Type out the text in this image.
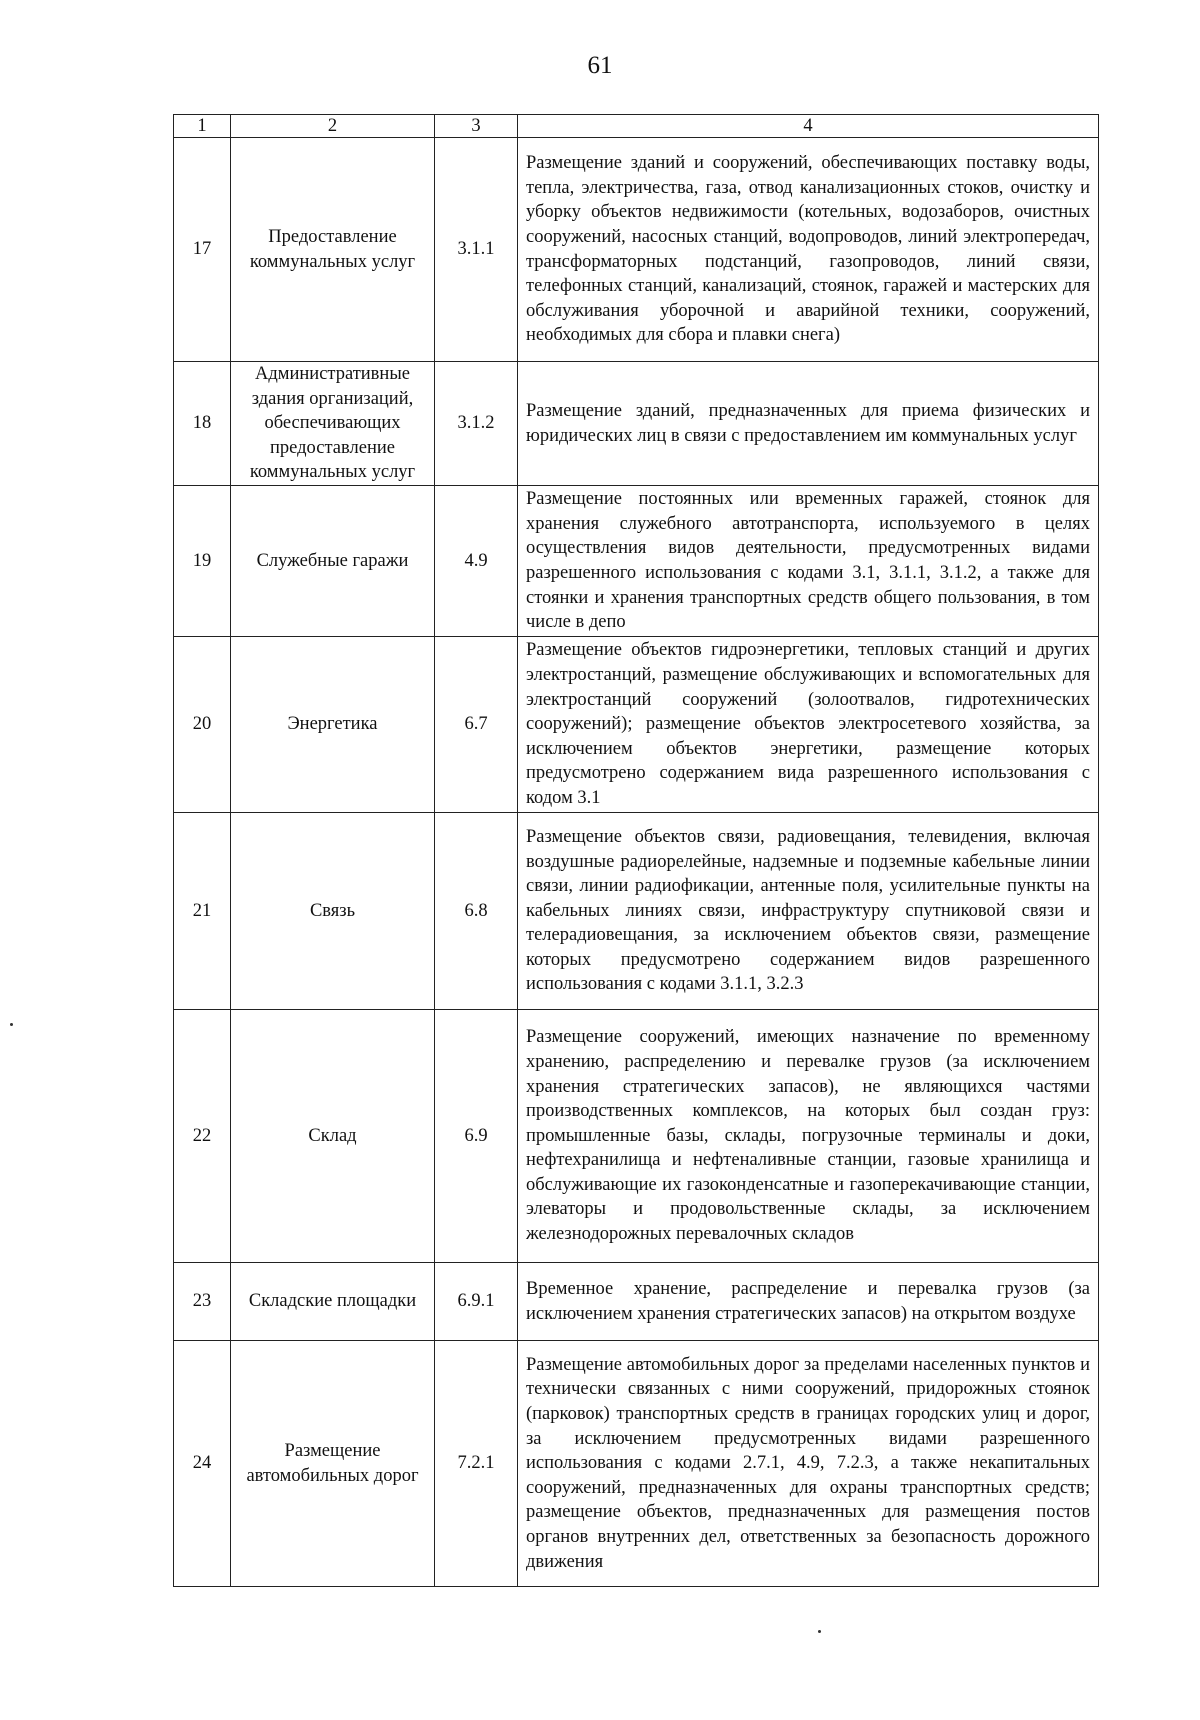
61
1	2	3	4
17	Предоставление коммунальных услуг	3.1.1	Размещение зданий и сооружений, обеспечивающих поставку воды, тепла, электричества, газа, отвод канализационных стоков, очистку и уборку объектов недвижимости (котельных, водозаборов, очистных сооружений, насосных станций, водопроводов, линий электропередач, трансформаторных подстанций, газопроводов, линий связи, телефонных станций, канализаций, стоянок, гаражей и мастерских для обслуживания уборочной и аварийной техники, сооружений, необходимых для сбора и плавки снега)
18	Административные здания организаций, обеспечивающих предоставление коммунальных услуг	3.1.2	Размещение зданий, предназначенных для приема физических и юридических лиц в связи с предоставлением им коммунальных услуг
19	Служебные гаражи	4.9	Размещение постоянных или временных гаражей, стоянок для хранения служебного автотранспорта, используемого в целях осуществления видов деятельности, предусмотренных видами разрешенного использования с кодами 3.1, 3.1.1, 3.1.2, а также для стоянки и хранения транспортных средств общего пользования, в том числе в депо
20	Энергетика	6.7	Размещение объектов гидроэнергетики, тепловых станций и других электростанций, размещение обслуживающих и вспомогательных для электростанций сооружений (золоотвалов, гидротехнических сооружений); размещение объектов электросетевого хозяйства, за исключением объектов энергетики, размещение которых предусмотрено содержанием вида разрешенного использования с кодом 3.1
21	Связь	6.8	Размещение объектов связи, радиовещания, телевидения, включая воздушные радиорелейные, надземные и подземные кабельные линии связи, линии радиофикации, антенные поля, усилительные пункты на кабельных линиях связи, инфраструктуру спутниковой связи и телерадиовещания, за исключением объектов связи, размещение которых предусмотрено содержанием видов разрешенного использования с кодами 3.1.1, 3.2.3
22	Склад	6.9	Размещение сооружений, имеющих назначение по временному хранению, распределению и перевалке грузов (за исключением хранения стратегических запасов), не являющихся частями производственных комплексов, на которых был создан груз: промышленные базы, склады, погрузочные терминалы и доки, нефтехранилища и нефтеналивные станции, газовые хранилища и обслуживающие их газоконденсатные и газоперекачивающие станции, элеваторы и продовольственные склады, за исключением железнодорожных перевалочных складов
23	Складские площадки	6.9.1	Временное хранение, распределение и перевалка грузов (за исключением хранения стратегических запасов) на открытом воздухе
24	Размещение автомобильных дорог	7.2.1	Размещение автомобильных дорог за пределами населенных пунктов и технически связанных с ними сооружений, придорожных стоянок (парковок) транспортных средств в границах городских улиц и дорог, за исключением предусмотренных видами разрешенного использования с кодами 2.7.1, 4.9, 7.2.3, а также некапитальных сооружений, предназначенных для охраны транспортных средств; размещение объектов, предназначенных для размещения постов органов внутренних дел, ответственных за безопасность дорожного движения
